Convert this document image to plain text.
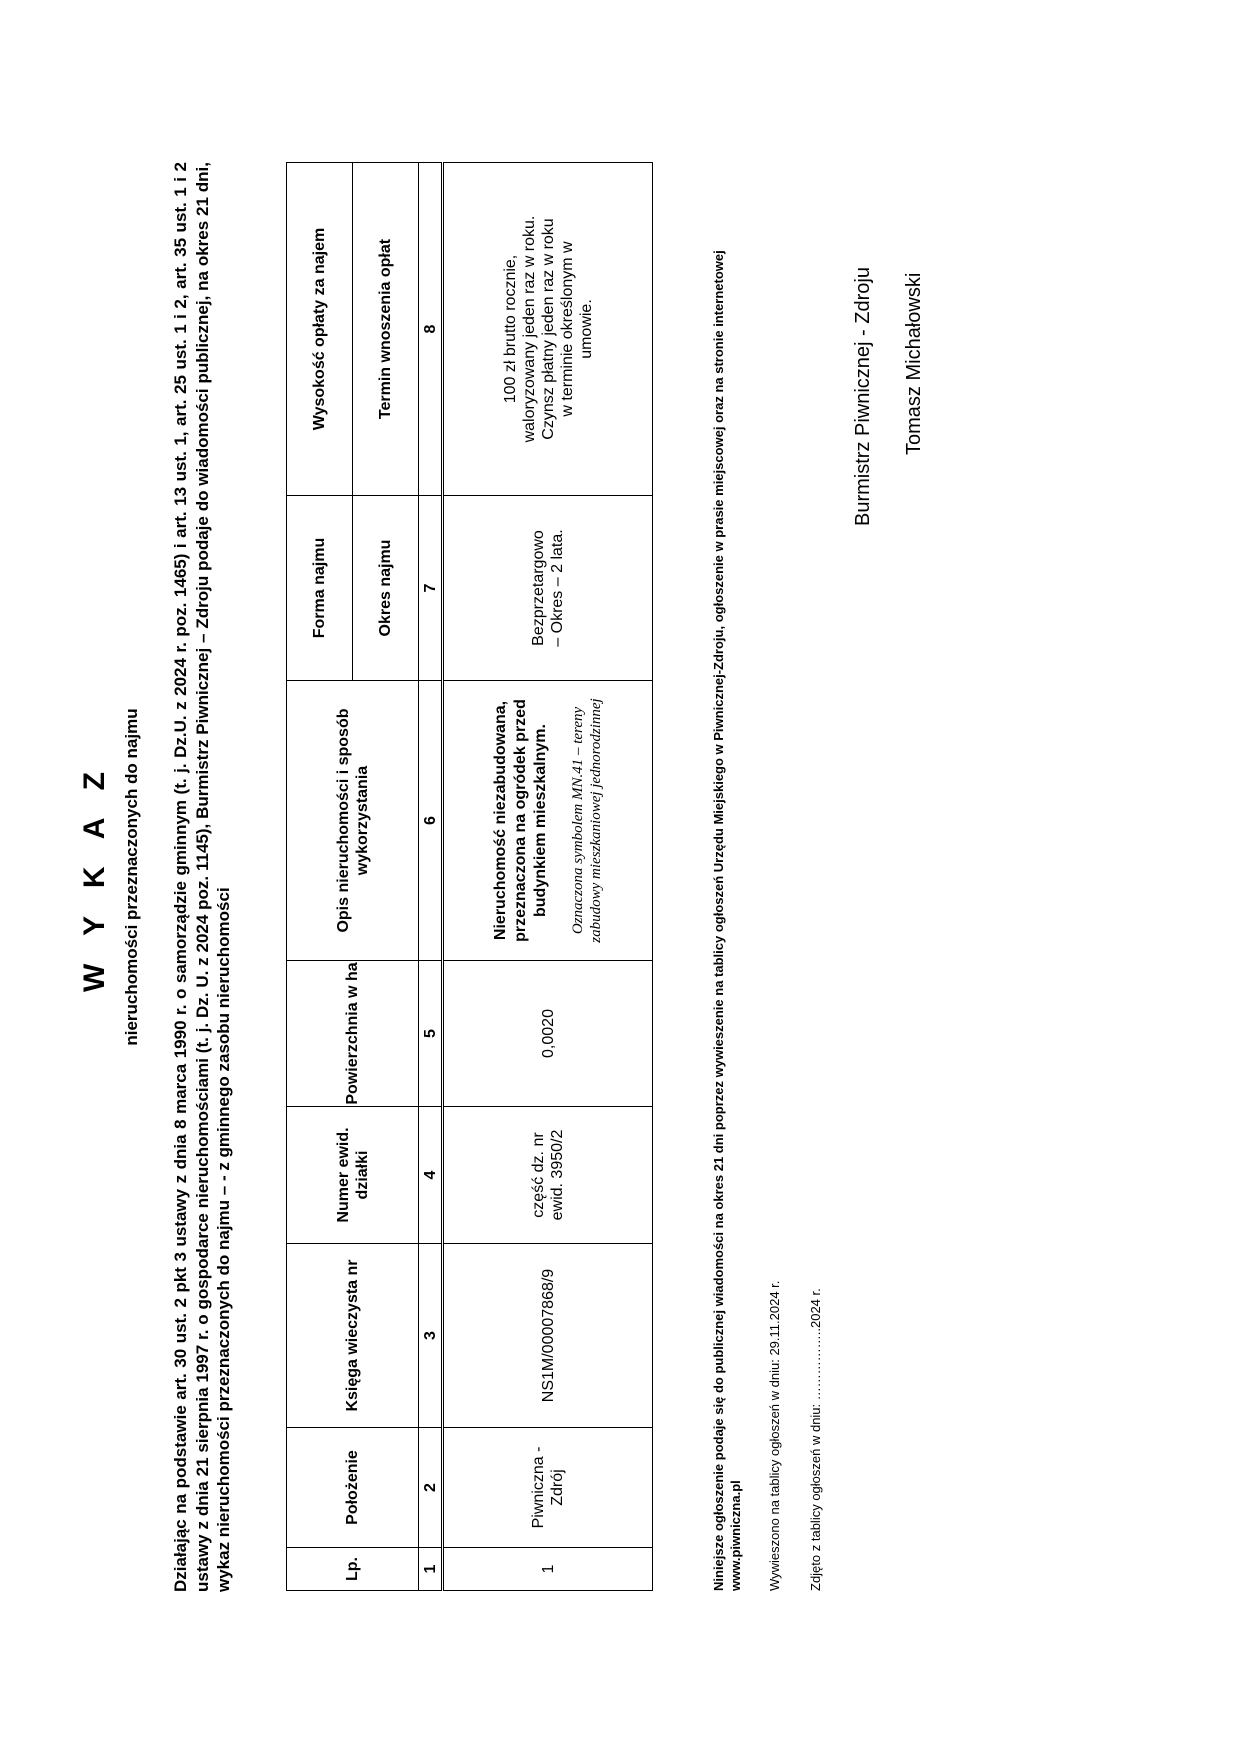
W Y K A Z nieruchomości przeznaczonych do najmu Działając na podstawie art. 30 ust. 2 pkt 3 ustawy z dnia 8 marca 1990 r. o samorządzie gminnym (t. j. Dz.U. z 2024 r. poz. 1465) i art. 13 ust. 1, art. 25 ust. 1 i 2, art. 35 ust. 1 i 2 ustawy z dnia 21 sierpnia 1997 r. o gospodarce nieruchomościami (t. j. Dz. U. z 2024 poz. 1145), Burmistrz Piwnicznej – Zdroju podaje do wiadomości publicznej, na okres 21 dni, wykaz nieruchomości przeznaczonych do najmu – - z gminnego zasobu nieruchomości	Lp.	Położenie	Księga wieczysta nr	Numer ewid. działki	Powierzchnia w ha	Opis nieruchomości i sposób wykorzystania	Forma najmu	Wysokość opłaty za najem
						Okres najmu	Termin wnoszenia opłat
1	2	3	4	5	6	7	8
1	Piwniczna - Zdrój	NS1M/00007868/9	część dz. nr ewid. 3950/2	0,0020	Nieruchomość niezabudowana, przeznaczona na ogródek przed budynkiem mieszkalnym. Oznaczona symbolem MN.41 – tereny zabudowy mieszkaniowej jednorodzinnej	Bezprzetargowo – Okres – 2 lata.	100 zł brutto rocznie, waloryzowany jeden raz w roku. Czynsz płatny jeden raz w roku w terminie określonym w umowie.	Niniejsze ogłoszenie podaje się do publicznej wiadomości na okres 21 dni poprzez wywieszenie na tablicy ogłoszeń Urzędu Miejskiego w Piwnicznej-Zdroju, ogłoszenie w prasie miejscowej oraz na stronie internetowej www.piwniczna.pl Wywieszono na tablicy ogłoszeń w dniu: 29.11.2024 r. Zdjęto z tablicy ogłoszeń w dniu: ……………..2024 r.
Burmistrz Piwnicznej - Zdroju Tomasz Michałowski
